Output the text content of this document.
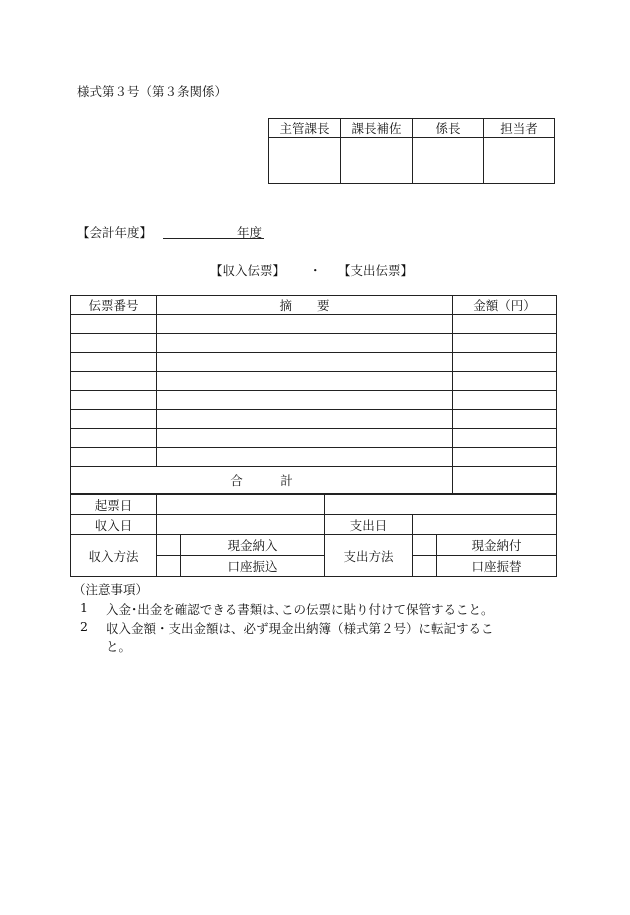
様式第３号（第３条関係）
主管課長	課長補佐	係長	担当者

【会計年度】	年度
【収入伝票】 ・ 【支出伝票】
伝票番号	摘　　要	金額（円）

合　　　計		
起票日					
収入日			支出日		
収入方法		現金納入	支出方法		現金納付
		口座振込			口座振替
（注意事項）
1 入金･出金を確認できる書類は､この伝票に貼り付けて保管すること。
2 収入金額・支出金額は、必ず現金出納簿（様式第２号）に転記するこ
と。
